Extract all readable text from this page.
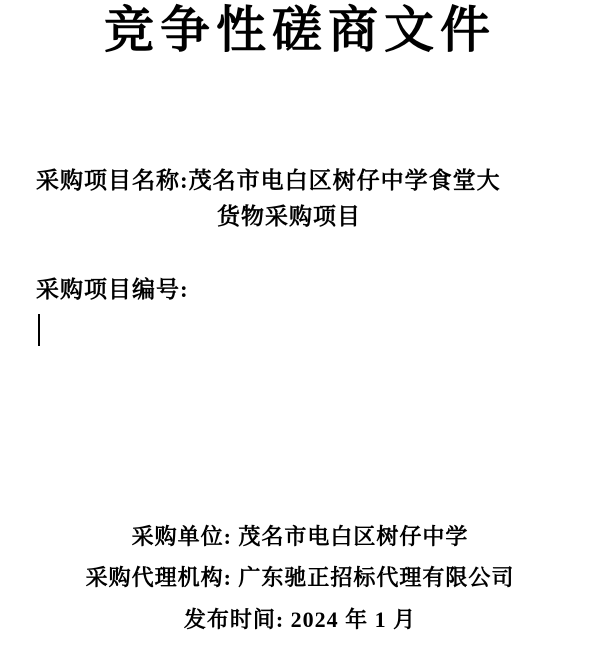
竞争性磋商文件
采购项目名称:茂名市电白区树仔中学食堂大
货物采购项目
采购项目编号:
采购单位: 茂名市电白区树仔中学
采购代理机构: 广东驰正招标代理有限公司
发布时间: 2024 年 1 月
